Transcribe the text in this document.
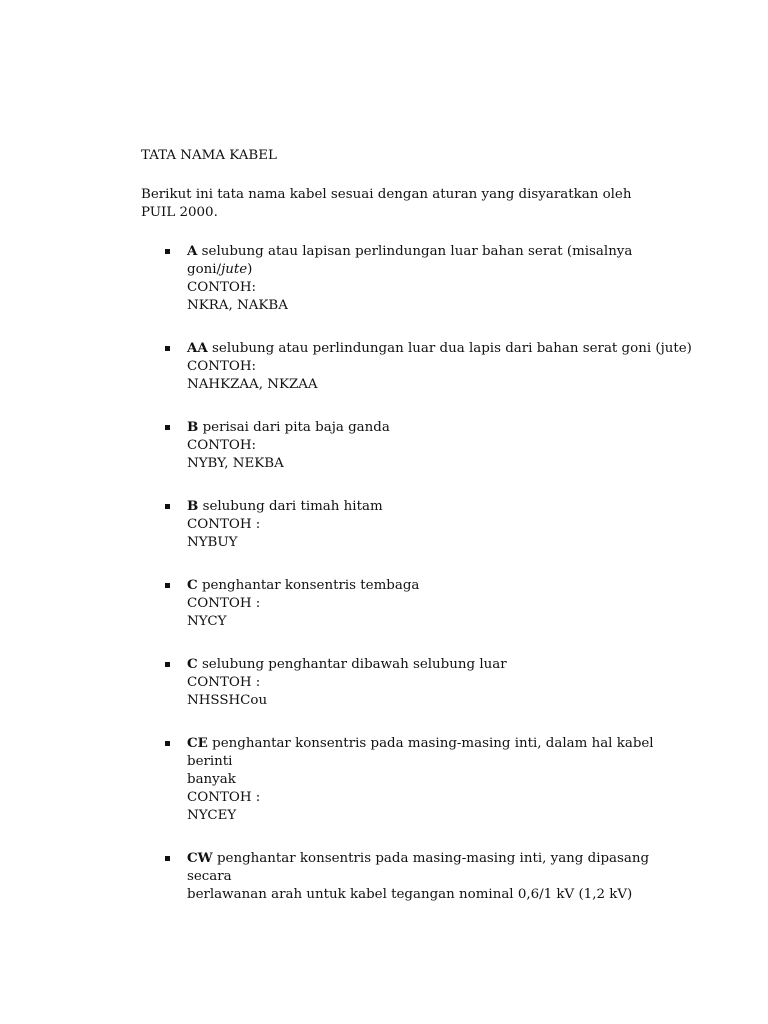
TATA NAMA KABEL

Berikut ini tata nama kabel sesuai dengan aturan yang disyaratkan oleh PUIL 2000.

A selubung atau lapisan perlindungan luar bahan serat (misalnya
goni/jute)
CONTOH:
NKRA, NAKBA
AA selubung atau perlindungan luar dua lapis dari bahan serat goni (jute)
CONTOH:
NAHKZAA, NKZAA
B perisai dari pita baja ganda
CONTOH:
NYBY, NEKBA
B selubung dari timah hitam
CONTOH :
NYBUY
C penghantar konsentris tembaga
CONTOH :
NYCY
C selubung penghantar dibawah selubung luar
CONTOH :
NHSSHCou
CE penghantar konsentris pada masing-masing inti, dalam hal kabel
berinti
banyak
CONTOH :
NYCEY
CW penghantar konsentris pada masing-masing inti, yang dipasang
secara
berlawanan arah untuk kabel tegangan nominal 0,6/1 kV (1,2 kV)
